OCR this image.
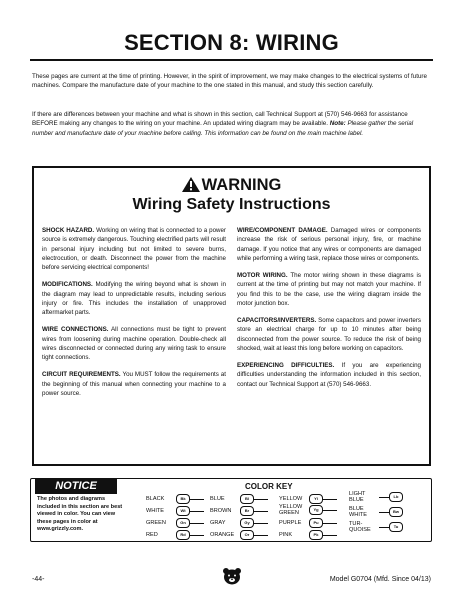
SECTION 8: WIRING
These pages are current at the time of printing. However, in the spirit of improvement, we may make changes to the electrical systems of future machines. Compare the manufacture date of your machine to the one stated in this manual, and study this section carefully.
If there are differences between your machine and what is shown in this section, call Technical Support at (570) 546-9663 for assistance BEFORE making any changes to the wiring on your machine. An updated wiring diagram may be available. Note: Please gather the serial number and manufacture date of your machine before calling. This information can be found on the main machine label.
WARNING
Wiring Safety Instructions
SHOCK HAZARD. Working on wiring that is connected to a power source is extremely dangerous. Touching electrified parts will result in personal injury including but not limited to severe burns, electrocution, or death. Disconnect the power from the machine before servicing electrical components!
MODIFICATIONS. Modifying the wiring beyond what is shown in the diagram may lead to unpredictable results, including serious injury or fire. This includes the installation of unapproved aftermarket parts.
WIRE CONNECTIONS. All connections must be tight to prevent wires from loosening during machine operation. Double-check all wires disconnected or connected during any wiring task to ensure tight connections.
CIRCUIT REQUIREMENTS. You MUST follow the requirements at the beginning of this manual when connecting your machine to a power source.
WIRE/COMPONENT DAMAGE. Damaged wires or components increase the risk of serious personal injury, fire, or machine damage. If you notice that any wires or components are damaged while performing a wiring task, replace those wires or components.
MOTOR WIRING. The motor wiring shown in these diagrams is current at the time of printing but may not match your machine. If you find this to be the case, use the wiring diagram inside the motor junction box.
CAPACITORS/INVERTERS. Some capacitors and power inverters store an electrical charge for up to 10 minutes after being disconnected from the power source. To reduce the risk of being shocked, wait at least this long before working on capacitors.
EXPERIENCING DIFFICULTIES. If you are experiencing difficulties understanding the information included in this section, contact our Technical Support at (570) 546-9663.
NOTICE
The photos and diagrams included in this section are best viewed in color. You can view these pages in color at www.grizzly.com.
COLOR KEY
BLACK	Bk
WHITE	Wt
GREEN	Gn
RED	Rd
BLUE	Bl
BROWN	Br
GRAY	Gy
ORANGE	Or
YELLOW	Yl
YELLOW GREEN
Yg
PURPLE	Pu
PINK	Pk
LIGHT BLUE
Lb
BLUE WHITE
Bw
TUR-QUOISE
Tu
-44-	Model G0704 (Mfd. Since 04/13)
